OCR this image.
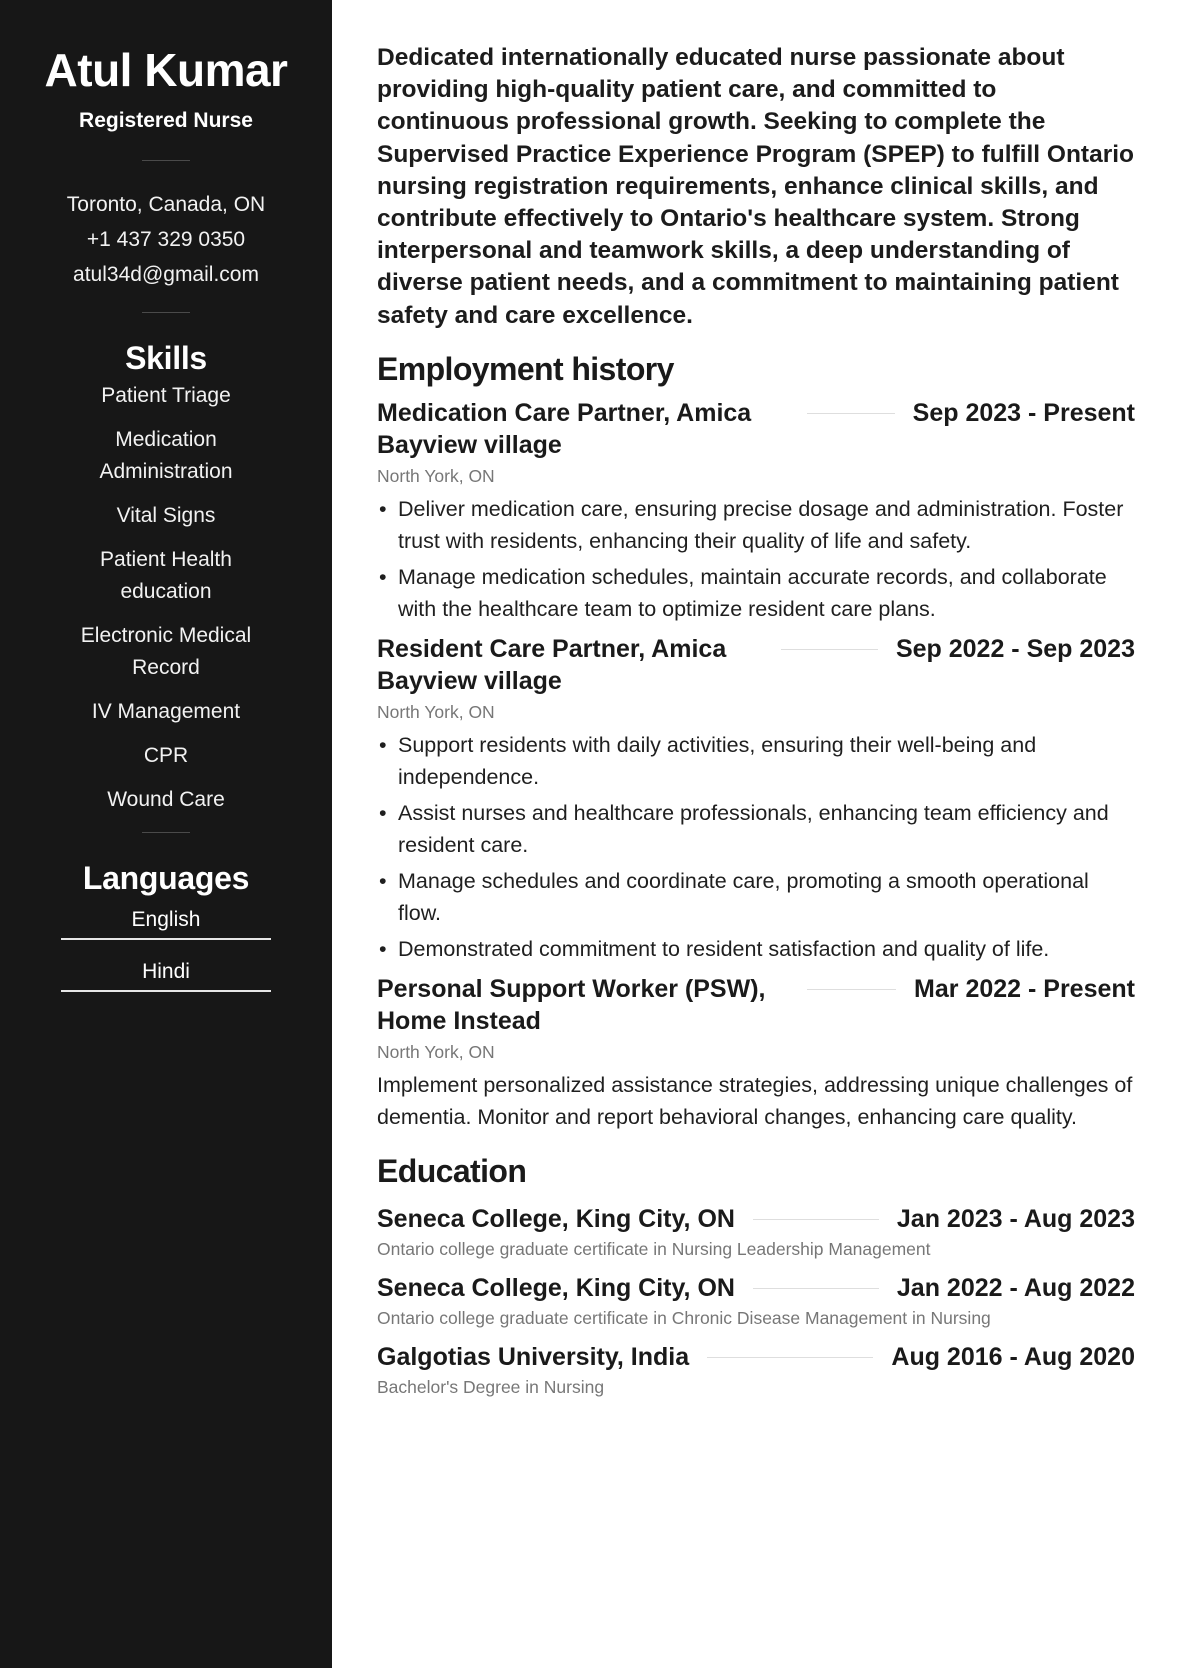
Atul Kumar
Registered Nurse
Toronto, Canada, ON
+1 437 329 0350
atul34d@gmail.com
Skills
Patient Triage
Medication Administration
Vital Signs
Patient Health education
Electronic Medical Record
IV Management
CPR
Wound Care
Languages
English
Hindi

Dedicated internationally educated nurse passionate about providing high-quality patient care, and committed to continuous professional growth. Seeking to complete the Supervised Practice Experience Program (SPEP) to fulfill Ontario nursing registration requirements, enhance clinical skills, and contribute effectively to Ontario's healthcare system. Strong interpersonal and teamwork skills, a deep understanding of diverse patient needs, and a commitment to maintaining patient safety and care excellence.

Employment history
Medication Care Partner, Amica Bayview village
Sep 2023 - Present
North York, ON
• Deliver medication care, ensuring precise dosage and administration. Foster trust with residents, enhancing their quality of life and safety.
• Manage medication schedules, maintain accurate records, and collaborate with the healthcare team to optimize resident care plans.
Resident Care Partner, Amica Bayview village
Sep 2022 - Sep 2023
North York, ON
• Support residents with daily activities, ensuring their well-being and independence.
• Assist nurses and healthcare professionals, enhancing team efficiency and resident care.
• Manage schedules and coordinate care, promoting a smooth operational flow.
• Demonstrated commitment to resident satisfaction and quality of life.
Personal Support Worker (PSW), Home Instead
Mar 2022 - Present
North York, ON

Implement personalized assistance strategies, addressing unique challenges of dementia. Monitor and report behavioral changes, enhancing care quality.

Education
Seneca College, King City, ON	Jan 2023 - Aug 2023
Ontario college graduate certificate in Nursing Leadership Management
Seneca College, King City, ON	Jan 2022 - Aug 2022
Ontario college graduate certificate in Chronic Disease Management in Nursing
Galgotias University, India	Aug 2016 - Aug 2020
Bachelor's Degree in Nursing
